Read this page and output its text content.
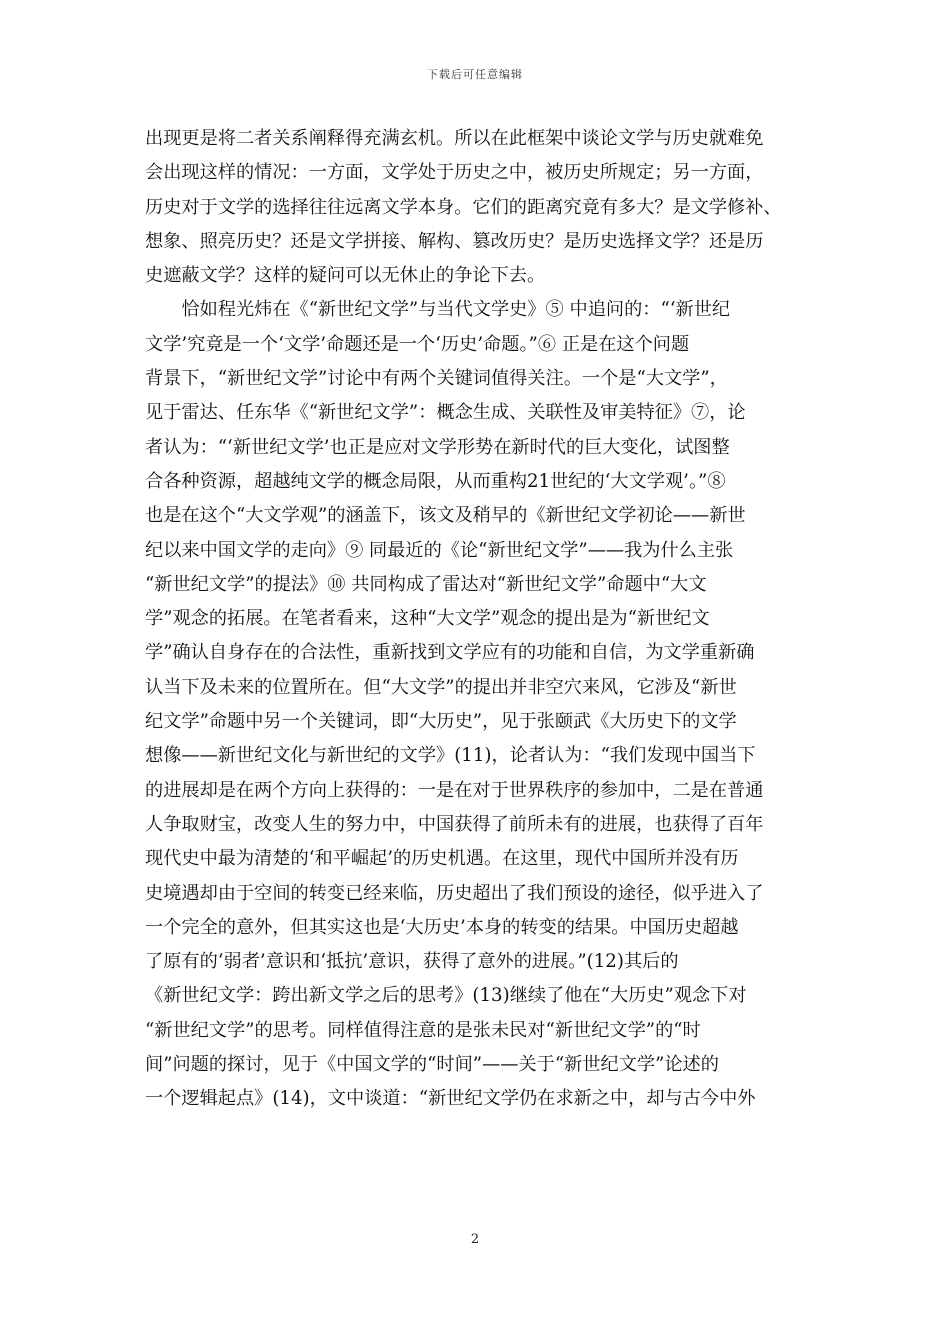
下载后可任意编辑

出现更是将二者关系阐释得充满玄机。所以在此框架中谈论文学与历史就难免

会出现这样的情况：一方面，文学处于历史之中，被历史所规定；另一方面，

历史对于文学的选择往往远离文学本身。它们的距离究竟有多大？是文学修补、

想象、照亮历史？还是文学拼接、解构、篡改历史？是历史选择文学？还是历

史遮蔽文学？这样的疑问可以无休止的争论下去。

　　恰如程光炜在《“新世纪文学”与当代文学史》⑤ 中追问的：“‘新世纪

文学’究竟是一个‘文学’命题还是一个‘历史’命题。”⑥ 正是在这个问题

背景下，“新世纪文学”讨论中有两个关键词值得关注。一个是“大文学”，

见于雷达、任东华《“新世纪文学”：概念生成、关联性及审美特征》⑦，论

者认为：“‘新世纪文学’也正是应对文学形势在新时代的巨大变化，试图整

合各种资源，超越纯文学的概念局限，从而重构21世纪的‘大文学观’。”⑧

也是在这个“大文学观”的涵盖下，该文及稍早的《新世纪文学初论——新世

纪以来中国文学的走向》⑨ 同最近的《论“新世纪文学”——我为什么主张

“新世纪文学”的提法》⑩ 共同构成了雷达对“新世纪文学”命题中“大文

学”观念的拓展。在笔者看来，这种“大文学”观念的提出是为“新世纪文

学”确认自身存在的合法性，重新找到文学应有的功能和自信，为文学重新确

认当下及未来的位置所在。但“大文学”的提出并非空穴来风，它涉及“新世

纪文学”命题中另一个关键词，即“大历史”，见于张颐武《大历史下的文学

想像——新世纪文化与新世纪的文学》(11)，论者认为：“我们发现中国当下

的进展却是在两个方向上获得的：一是在对于世界秩序的参加中，二是在普通

人争取财宝，改变人生的努力中，中国获得了前所未有的进展，也获得了百年

现代史中最为清楚的‘和平崛起’的历史机遇。在这里，现代中国所并没有历

史境遇却由于空间的转变已经来临，历史超出了我们预设的途径，似乎进入了

一个完全的意外，但其实这也是‘大历史’本身的转变的结果。中国历史超越

了原有的‘弱者’意识和‘抵抗’意识，获得了意外的进展。”(12)其后的

《新世纪文学：跨出新文学之后的思考》(13)继续了他在“大历史”观念下对

“新世纪文学”的思考。同样值得注意的是张未民对“新世纪文学”的“时

间”问题的探讨，见于《中国文学的“时间”——关于“新世纪文学”论述的

一个逻辑起点》(14)，文中谈道：“新世纪文学仍在求新之中，却与古今中外

2
